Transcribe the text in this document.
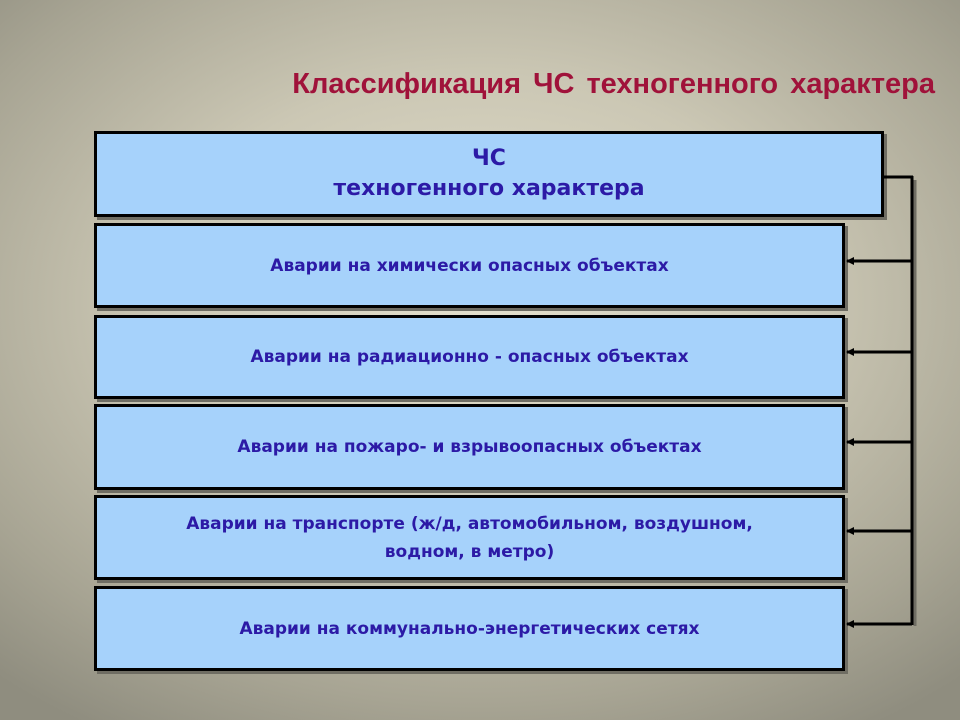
Классификация ЧС техногенного характера
ЧС
техногенного характера
Аварии на химически опасных объектах
Аварии на радиационно - опасных объектах
Аварии на пожаро- и взрывоопасных объектах
Аварии на транспорте (ж/д, автомобильном, воздушном,
водном, в метро)
Аварии на коммунально-энергетических сетях
